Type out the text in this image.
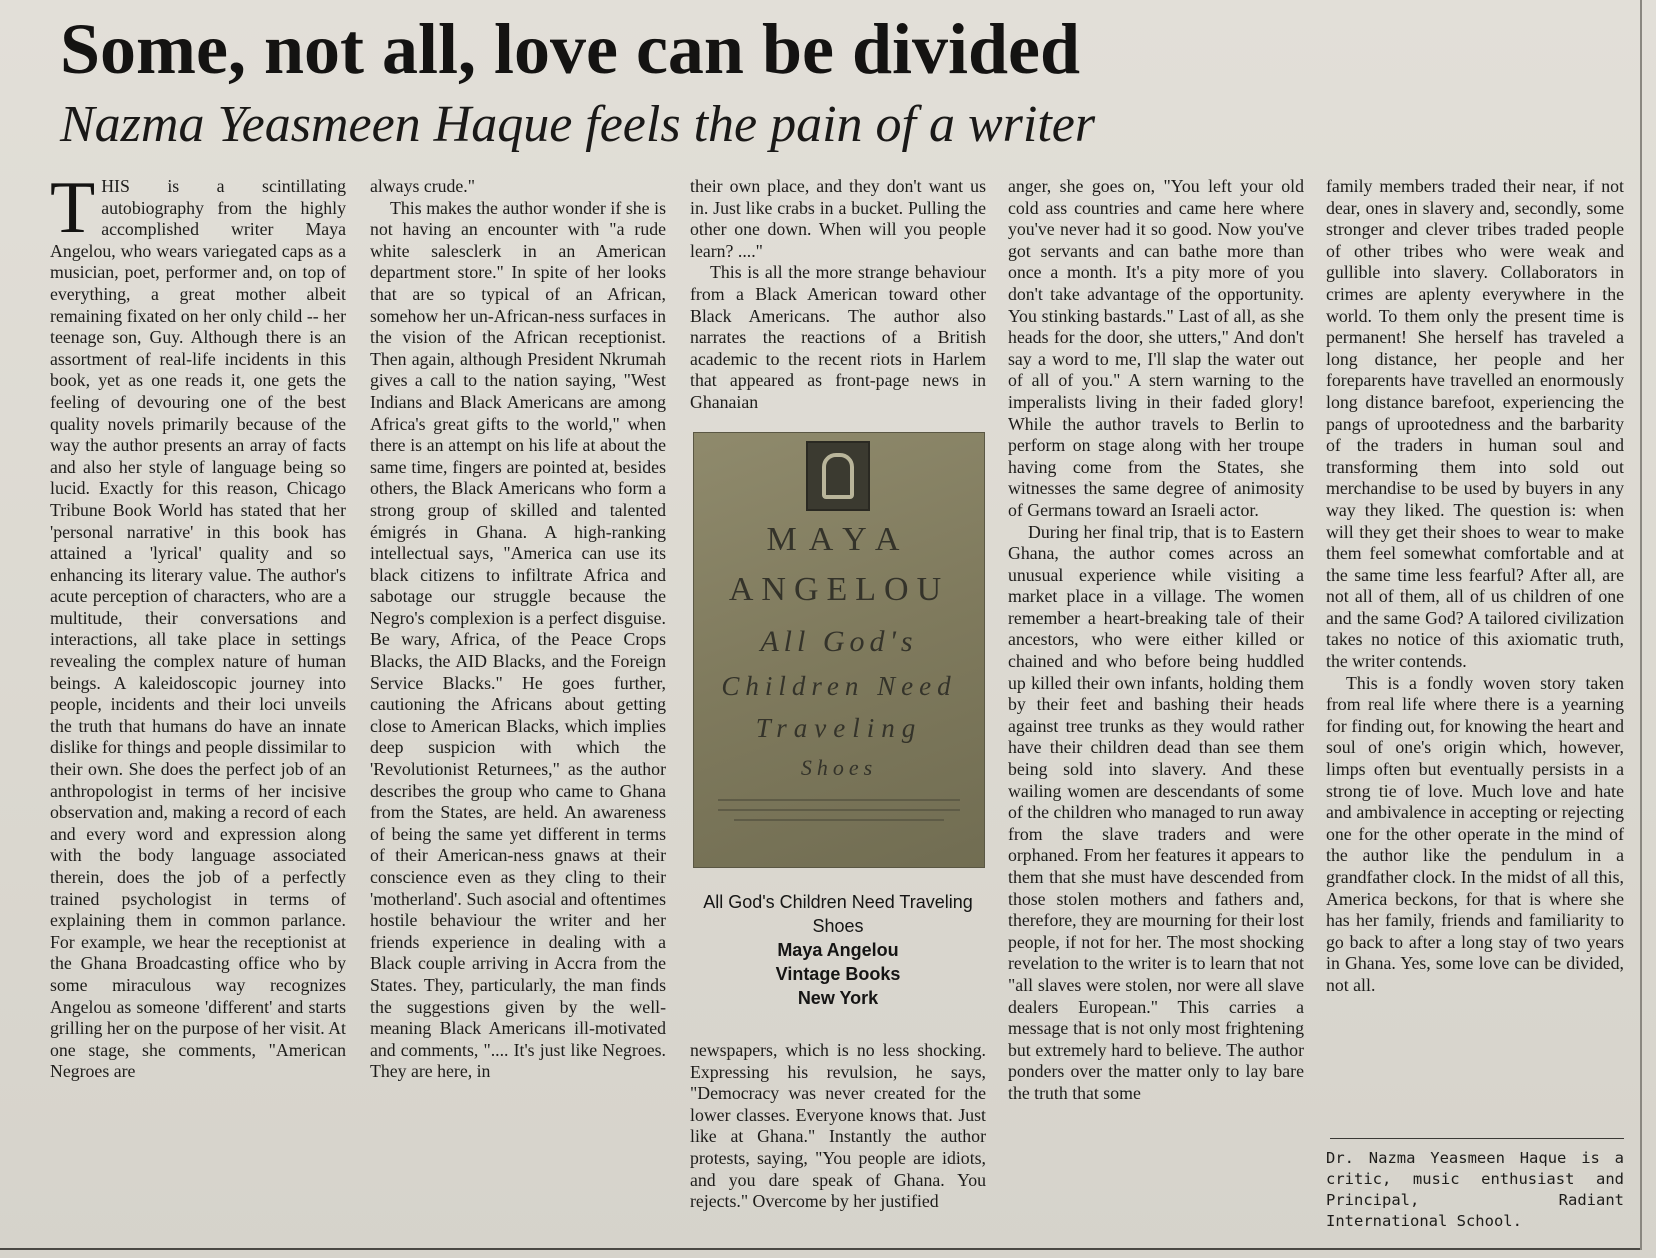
Some, not all, love can be divided
Nazma Yeasmeen Haque feels the pain of a writer

THIS is a scintillating autobiography from the highly accomplished writer Maya Angelou, who wears variegated caps as a musician, poet, performer and, on top of everything, a great mother albeit remaining fixated on her only child -- her teenage son, Guy. Although there is an assortment of real-life incidents in this book, yet as one reads it, one gets the feeling of devouring one of the best quality novels primarily because of the way the author presents an array of facts and also her style of language being so lucid. Exactly for this reason, Chicago Tribune Book World has stated that her 'personal narrative' in this book has attained a 'lyrical' quality and so enhancing its literary value. The author's acute perception of characters, who are a multitude, their conversations and interactions, all take place in settings revealing the complex nature of human beings. A kaleidoscopic journey into people, incidents and their loci unveils the truth that humans do have an innate dislike for things and people dissimilar to their own. She does the perfect job of an anthropologist in terms of her incisive observation and, making a record of each and every word and expression along with the body language associated therein, does the job of a perfectly trained psychologist in terms of explaining them in common parlance. For example, we hear the receptionist at the Ghana Broadcasting office who by some miraculous way recognizes Angelou as someone 'different' and starts grilling her on the purpose of her visit. At one stage, she comments, "American Negroes are

always crude."

This makes the author wonder if she is not having an encounter with "a rude white salesclerk in an American department store." In spite of her looks that are so typical of an African, somehow her un-African-ness surfaces in the vision of the African receptionist. Then again, although President Nkrumah gives a call to the nation saying, "West Indians and Black Americans are among Africa's great gifts to the world," when there is an attempt on his life at about the same time, fingers are pointed at, besides others, the Black Americans who form a strong group of skilled and talented émigrés in Ghana. A high-ranking intellectual says, "America can use its black citizens to infiltrate Africa and sabotage our struggle because the Negro's complexion is a perfect disguise. Be wary, Africa, of the Peace Crops Blacks, the AID Blacks, and the Foreign Service Blacks." He goes further, cautioning the Africans about getting close to American Blacks, which implies deep suspicion with which the 'Revolutionist Returnees," as the author describes the group who came to Ghana from the States, are held. An awareness of being the same yet different in terms of their American-ness gnaws at their conscience even as they cling to their 'motherland'. Such asocial and oftentimes hostile behaviour the writer and her friends experience in dealing with a Black couple arriving in Accra from the States. They, particularly, the man finds the suggestions given by the well-meaning Black Americans ill-motivated and comments, ".... It's just like Negroes. They are here, in

their own place, and they don't want us in. Just like crabs in a bucket. Pulling the other one down. When will you people learn? ...."

This is all the more strange behaviour from a Black American toward other Black Americans. The author also narrates the reactions of a British academic to the recent riots in Harlem that appeared as front-page news in Ghanaian

MAYA
ANGELOU
All God's
Children Need
Traveling
Shoes
All God's Children Need Traveling Shoes
Maya Angelou
Vintage Books
New York

newspapers, which is no less shocking. Expressing his revulsion, he says, "Democracy was never created for the lower classes. Everyone knows that. Just like at Ghana." Instantly the author protests, saying, "You people are idiots, and you dare speak of Ghana. You rejects." Overcome by her justified

anger, she goes on, "You left your old cold ass countries and came here where you've never had it so good. Now you've got servants and can bathe more than once a month. It's a pity more of you don't take advantage of the opportunity. You stinking bastards." Last of all, as she heads for the door, she utters," And don't say a word to me, I'll slap the water out of all of you." A stern warning to the imperalists living in their faded glory! While the author travels to Berlin to perform on stage along with her troupe having come from the States, she witnesses the same degree of animosity of Germans toward an Israeli actor.

During her final trip, that is to Eastern Ghana, the author comes across an unusual experience while visiting a market place in a village. The women remember a heart-breaking tale of their ancestors, who were either killed or chained and who before being huddled up killed their own infants, holding them by their feet and bashing their heads against tree trunks as they would rather have their children dead than see them being sold into slavery. And these wailing women are descendants of some of the children who managed to run away from the slave traders and were orphaned. From her features it appears to them that she must have descended from those stolen mothers and fathers and, therefore, they are mourning for their lost people, if not for her. The most shocking revelation to the writer is to learn that not "all slaves were stolen, nor were all slave dealers European." This carries a message that is not only most frightening but extremely hard to believe. The author ponders over the matter only to lay bare the truth that some

family members traded their near, if not dear, ones in slavery and, secondly, some stronger and clever tribes traded people of other tribes who were weak and gullible into slavery. Collaborators in crimes are aplenty everywhere in the world. To them only the present time is permanent! She herself has traveled a long distance, her people and her foreparents have travelled an enormously long distance barefoot, experiencing the pangs of uprootedness and the barbarity of the traders in human soul and transforming them into sold out merchandise to be used by buyers in any way they liked. The question is: when will they get their shoes to wear to make them feel somewhat comfortable and at the same time less fearful? After all, are not all of them, all of us children of one and the same God? A tailored civilization takes no notice of this axiomatic truth, the writer contends.

This is a fondly woven story taken from real life where there is a yearning for finding out, for knowing the heart and soul of one's origin which, however, limps often but eventually persists in a strong tie of love. Much love and hate and ambivalence in accepting or rejecting one for the other operate in the mind of the author like the pendulum in a grandfather clock. In the midst of all this, America beckons, for that is where she has her family, friends and familiarity to go back to after a long stay of two years in Ghana. Yes, some love can be divided, not all.

Dr. Nazma Yeasmeen Haque is a critic, music enthusiast and Principal, Radiant International School.
